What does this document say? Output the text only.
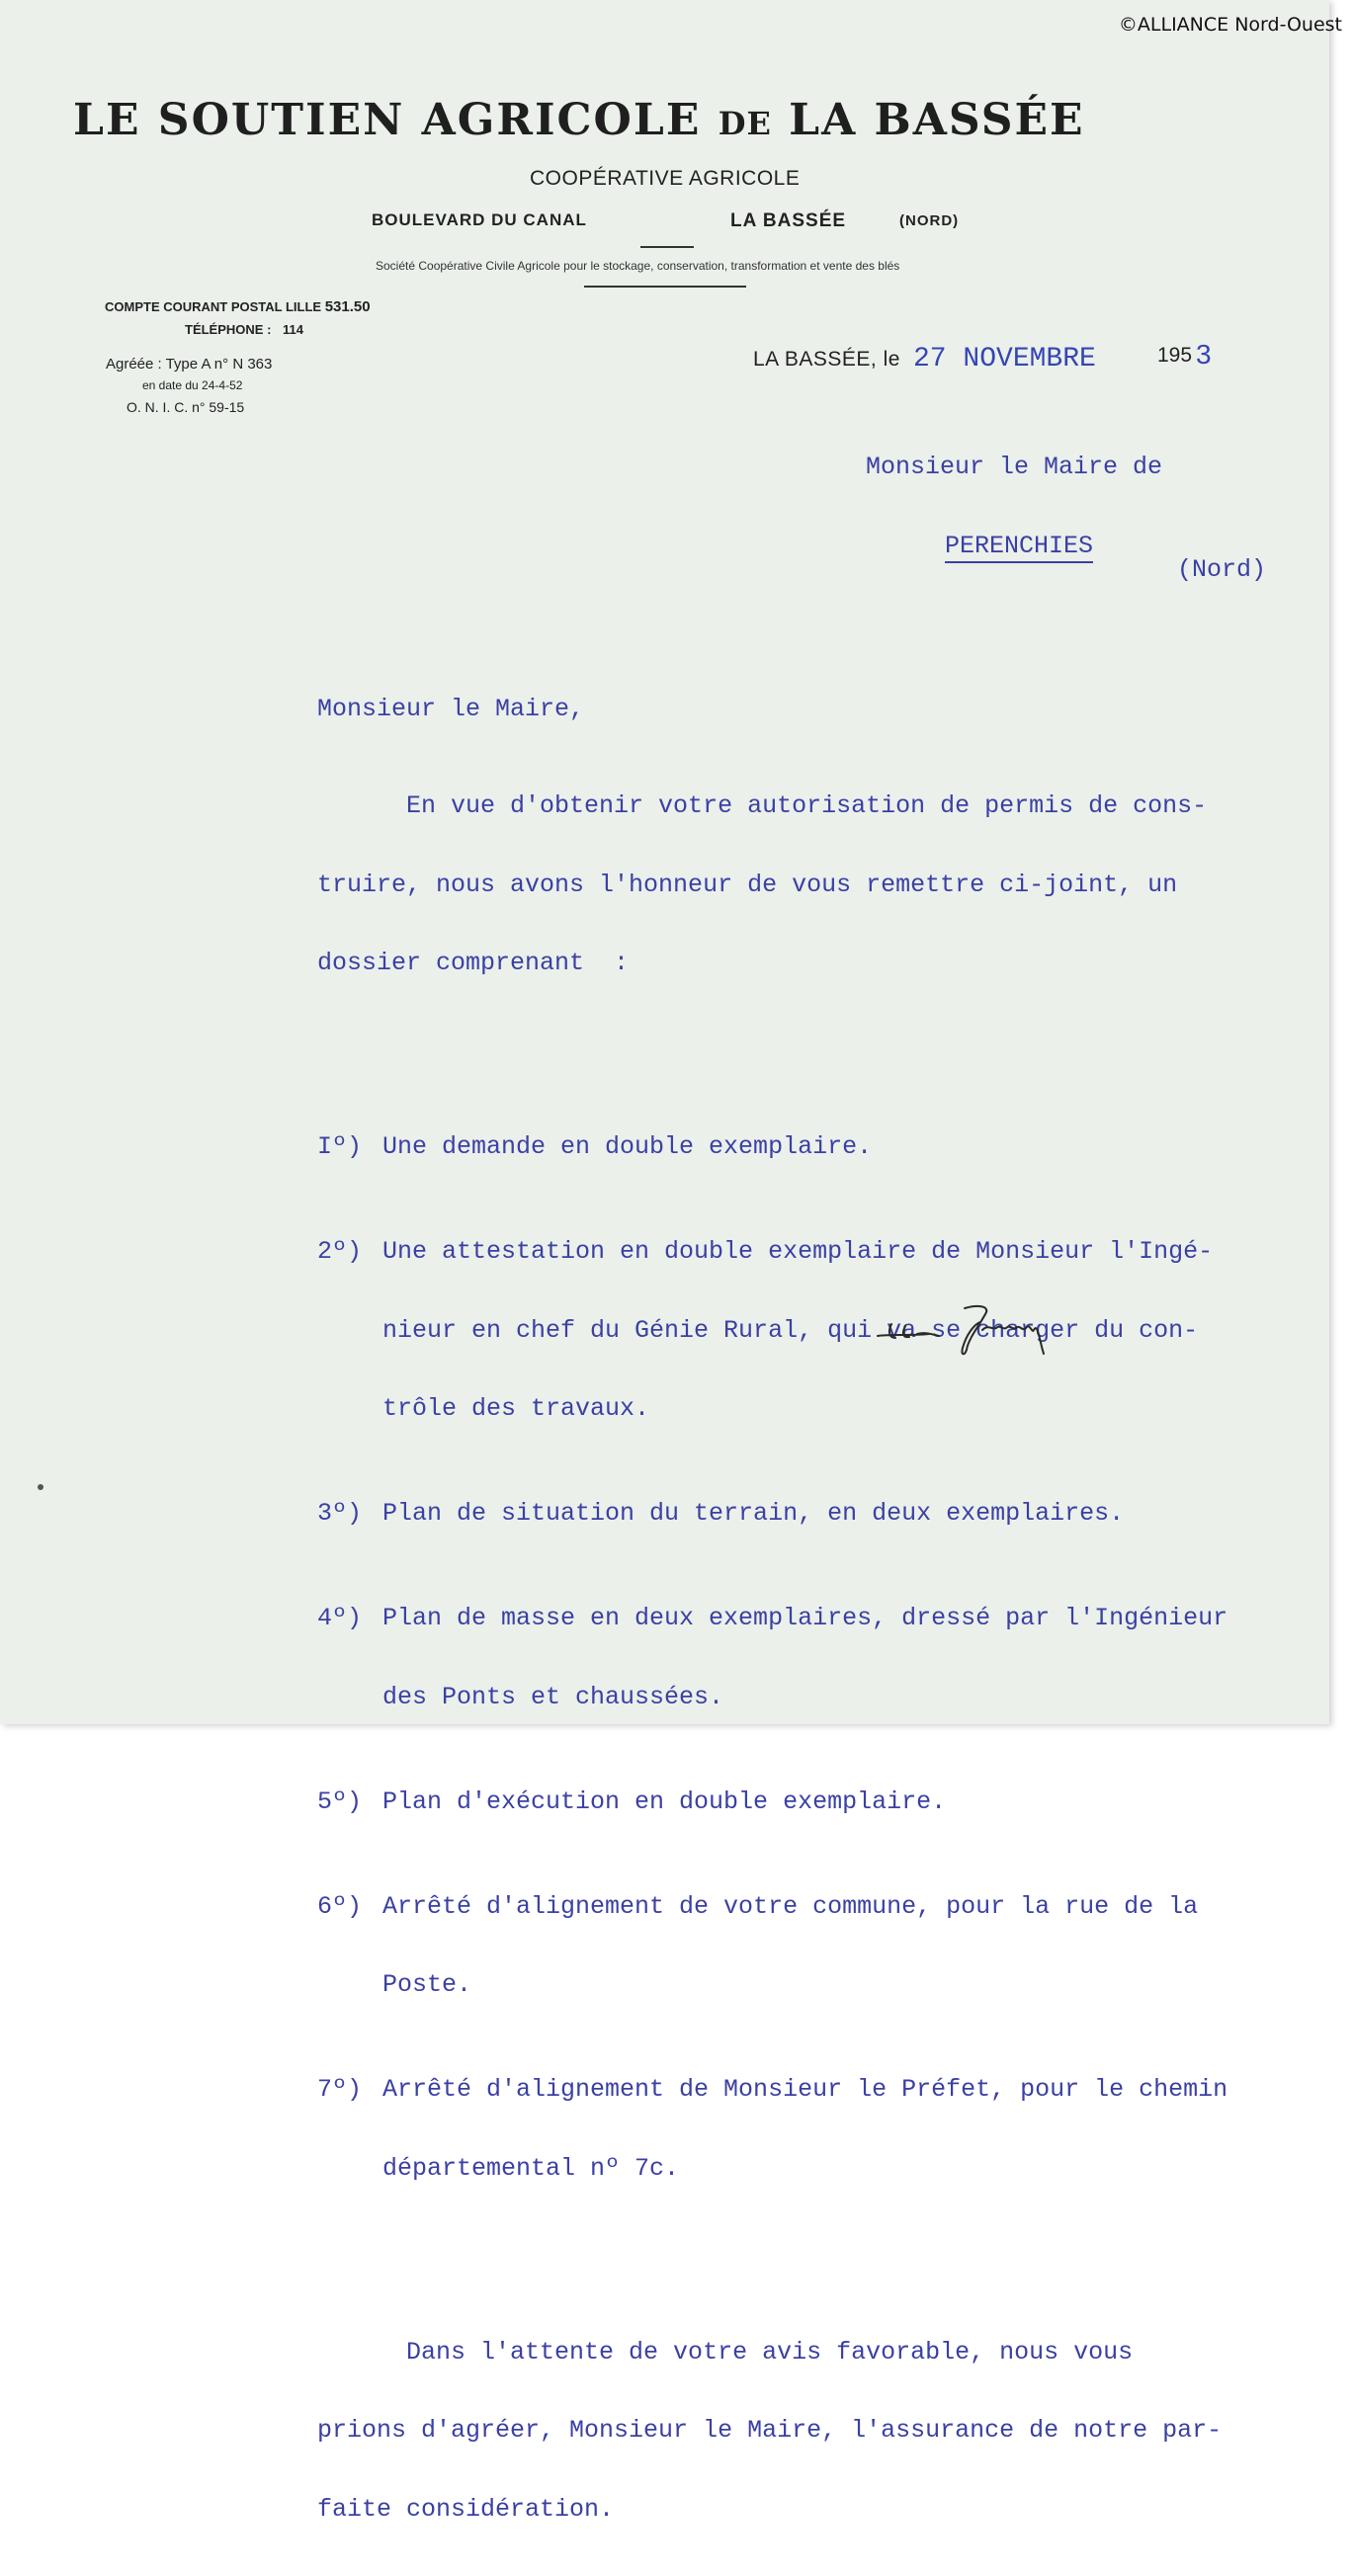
LE SOUTIEN AGRICOLE DE LA BASSÉE
COOPÉRATIVE AGRICOLE
BOULEVARD DU CANAL	LA BASSÉE	(NORD)
Société Coopérative Civile Agricole pour le stockage, conservation, transformation et vente des blés
COMPTE COURANT POSTAL LILLE 531.50
TÉLÉPHONE : 114
Agréée : Type A n° N 363
en date du 24-4-52
O. N. I. C. n° 59-15
LA BASSÉE, le 27 NOVEMBRE	195 3
Monsieur le Maire de
PERENCHIES
(Nord)
Monsieur le Maire,

En vue d'obtenir votre autorisation de permis de cons-

truire, nous avons l'honneur de vous remettre ci-joint, un

dossier comprenant  :

Iº) Une demande en double exemplaire.

2º) Une attestation en double exemplaire de Monsieur l'Ingé-

nieur en chef du Génie Rural, qui va se charger du con-

trôle des travaux.

3º) Plan de situation du terrain, en deux exemplaires.

4º) Plan de masse en deux exemplaires, dressé par l'Ingénieur

des Ponts et chaussées.

5º) Plan d'exécution en double exemplaire.

6º) Arrêté d'alignement de votre commune, pour la rue de la

Poste.

7º) Arrêté d'alignement de Monsieur le Préfet, pour le chemin

départemental nº 7c.

Dans l'attente de votre avis favorable, nous vous

prions d'agréer, Monsieur le Maire, l'assurance de notre par-

faite considération.

©ALLIANCE Nord-Ouest
